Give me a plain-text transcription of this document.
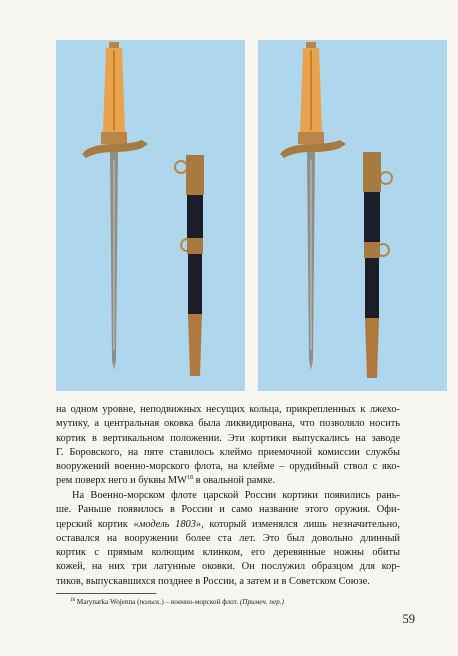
на одном уровне, неподвижных несущих кольца, прикрепленных к лжехо-
мутику, а центральная оковка была ликвидирована, что позволяло носить
кортик в вертикальном положении. Эти кортики выпускались на заводе
Г. Боровского, на пяте ставилось клеймо приемочной комиссии службы
вооружений военно-морского флота, на клейме – орудийный ствол с яко-
рем поверх него и буквы MW$^{18}$ в овальной рамке.
На Военно-морском флоте царской России кортики появились рань-
ше. Раньше появилось в России и само название этого оружия. Офи-
церский кортик «модель 1803», который изменялся лишь незначительно,
оставался на вооружении более ста лет. Это был довольно длинный
кортик с прямым колющим клинком, его деревянные ножны обиты
кожей, на них три латунные оковки. Он послужил образцом для кор-
тиков, выпускавшихся позднее в России, а затем и в Советском Союзе.
$^{18}$ Marynarka Wojenna (польск.) – военно-морской флот. (Примеч. пер.)
59
